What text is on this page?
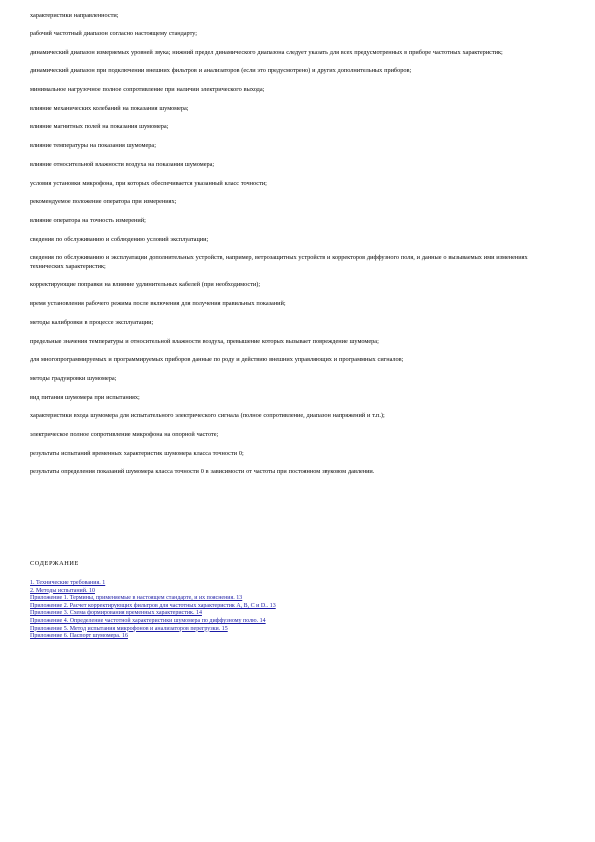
характеристики направленности;

рабочий частотный диапазон согласно настоящему стандарту;

динамический диапазон измеряемых уровней звука; нижний предел динамического диапазона следует указать для всех предусмотренных в приборе частотных характеристик;

динамический диапазон при подключении внешних фильтров и анализаторов (если это предусмотрено) и других дополнительных приборов;

минимальное нагрузочное полное сопротивление при наличии электрического выхода;

влияние механических колебаний на показания шумомера;

влияние магнитных полей на показания шумомера;

влияние температуры на показания шумомера;

влияние относительной влажности воздуха на показания шумомера;

условия установки микрофона, при которых обеспечивается указанный класс точности;

рекомендуемое положение оператора при измерениях;

влияние оператора на точность измерений;

сведения по обслуживанию и соблюдению условий эксплуатации;

сведения по обслуживанию и эксплуатации дополнительных устройств, например, ветрозащитных устройств и корректоров диффузного поля, и данные о вызываемых ими изменениях технических характеристик;

корректирующие поправки на влияние удлинительных кабелей (при необходимости);

время установления рабочего режима после включения для получения правильных показаний;

методы калибровки в процессе эксплуатации;

предельные значения температуры и относительной влажности воздуха, превышение которых вызывает повреждение шумомера;

для многопрограммируемых и программируемых приборов данные по роду и действию внешних управляющих и программных сигналов;

методы градуировки шумомера;

вид питания шумомера при испытаниях;

характеристики входа шумомера для испытательного электрического сигнала (полное сопротивление, диапазон напряжений и т.п.);

электрическое полное сопротивление микрофона на опорной частоте;

результаты испытаний временных характеристик шумомера класса точности 0;

результаты определения показаний шумомера класса точности 0 в зависимости от частоты при постоянном звуковом давлении.

СОДЕРЖАНИЕ
1. Технические требования. 1
2. Методы испытаний. 10
Приложение 1. Термины, применяемые в настоящем стандарте, и их пояснения. 13
Приложение 2. Расчет корректирующих фильтров для частотных характеристик А, В, С и D.. 13
Приложение 3. Схема формирования временных характеристик. 14
Приложение 4. Определение частотной характеристики шумомера по диффузному полю. 14
Приложение 5. Метод испытания микрофонов и анализаторов перегрузки. 15
Приложение 6. Паспорт шумомера. 16
